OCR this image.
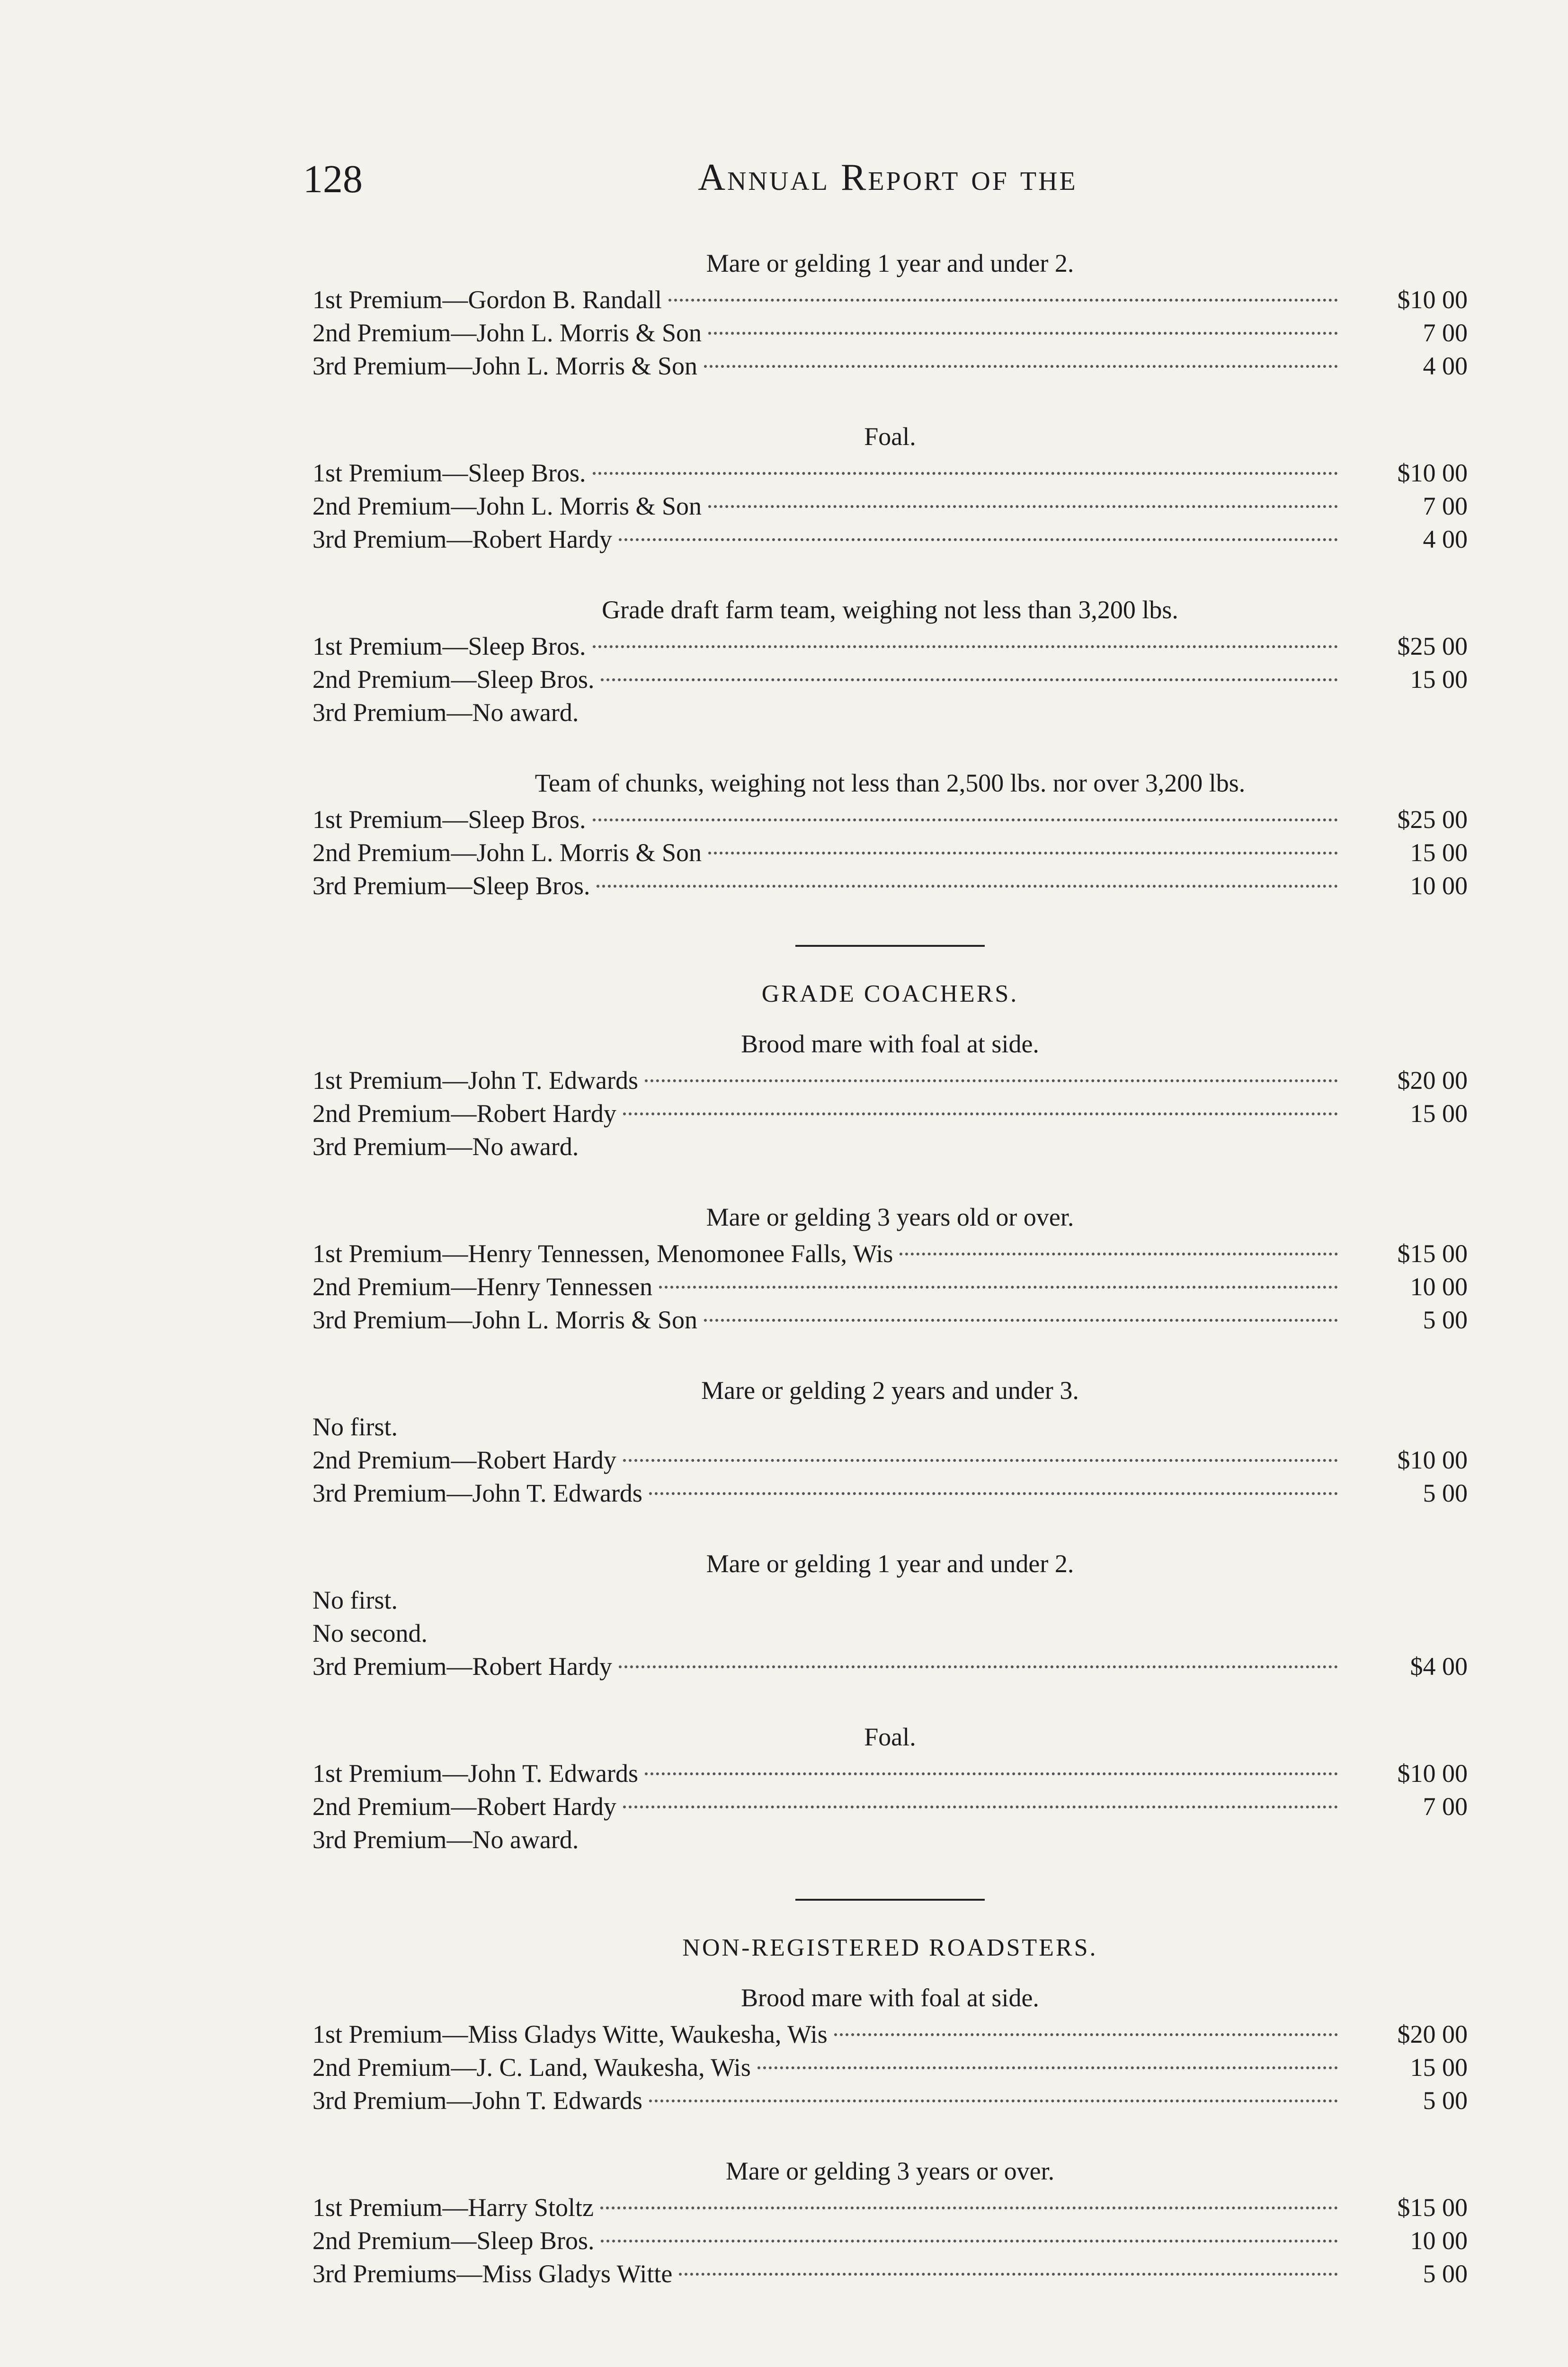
128	Annual Report of the
Mare or gelding 1 year and under 2.
1st Premium—Gordon B. Randall	$10 00
2nd Premium—John L. Morris & Son	7 00
3rd Premium—John L. Morris & Son	4 00
Foal.
1st Premium—Sleep Bros.	$10 00
2nd Premium—John L. Morris & Son	7 00
3rd Premium—Robert Hardy	4 00
Grade draft farm team, weighing not less than 3,200 lbs.
1st Premium—Sleep Bros.	$25 00
2nd Premium—Sleep Bros.	15 00
3rd Premium—No award.
Team of chunks, weighing not less than 2,500 lbs. nor over 3,200 lbs.
1st Premium—Sleep Bros.	$25 00
2nd Premium—John L. Morris & Son	15 00
3rd Premium—Sleep Bros.	10 00
GRADE COACHERS.
Brood mare with foal at side.
1st Premium—John T. Edwards	$20 00
2nd Premium—Robert Hardy	15 00
3rd Premium—No award.
Mare or gelding 3 years old or over.
1st Premium—Henry Tennessen, Menomonee Falls, Wis	$15 00
2nd Premium—Henry Tennessen	10 00
3rd Premium—John L. Morris & Son	5 00
Mare or gelding 2 years and under 3.
No first.
2nd Premium—Robert Hardy	$10 00
3rd Premium—John T. Edwards	5 00
Mare or gelding 1 year and under 2.
No first.
No second.
3rd Premium—Robert Hardy	$4 00
Foal.
1st Premium—John T. Edwards	$10 00
2nd Premium—Robert Hardy	7 00
3rd Premium—No award.
NON-REGISTERED ROADSTERS.
Brood mare with foal at side.
1st Premium—Miss Gladys Witte, Waukesha, Wis	$20 00
2nd Premium—J. C. Land, Waukesha, Wis	15 00
3rd Premium—John T. Edwards	5 00
Mare or gelding 3 years or over.
1st Premium—Harry Stoltz	$15 00
2nd Premium—Sleep Bros.	10 00
3rd Premiums—Miss Gladys Witte	5 00
